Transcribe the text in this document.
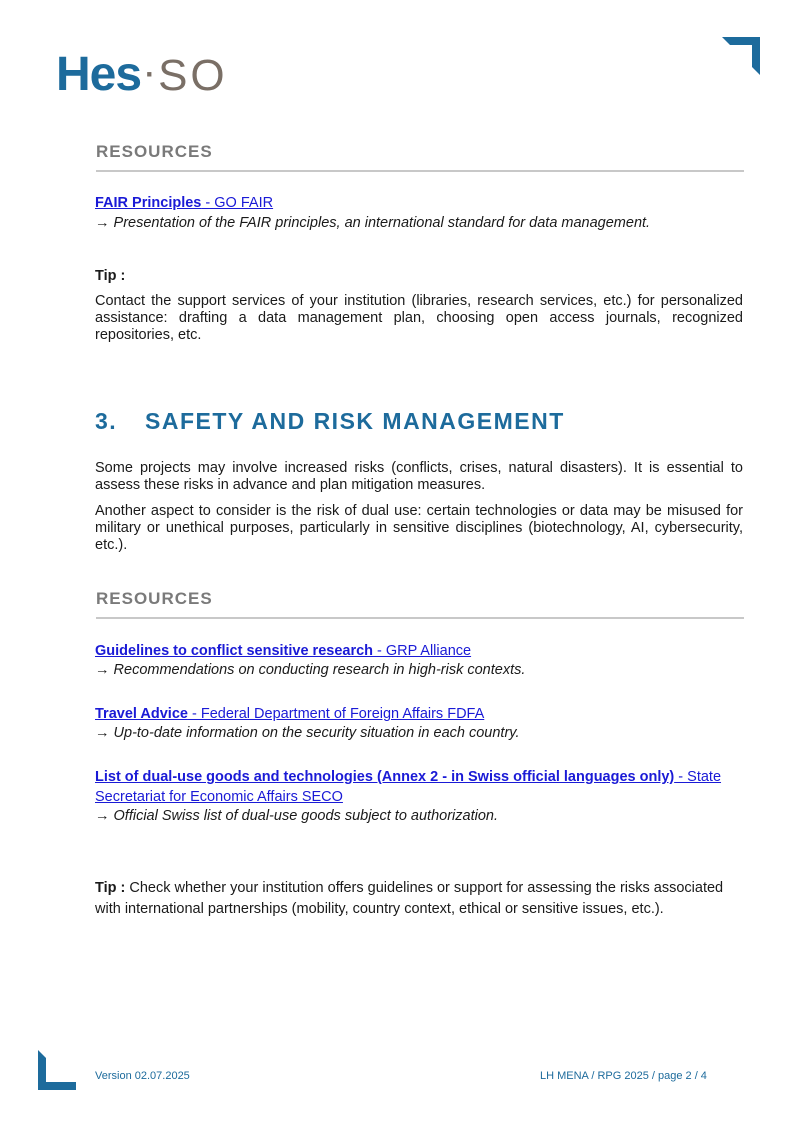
Hes ·SO
RESOURCES
FAIR Principles - GO FAIR
→ Presentation of the FAIR principles, an international standard for data management.
Tip :
Contact the support services of your institution (libraries, research services, etc.) for personalized assistance: drafting a data management plan, choosing open access journals, recognized repositories, etc.
3. SAFETY AND RISK MANAGEMENT
Some projects may involve increased risks (conflicts, crises, natural disasters). It is essential to assess these risks in advance and plan mitigation measures.
Another aspect to consider is the risk of dual use: certain technologies or data may be misused for military or unethical purposes, particularly in sensitive disciplines (biotechnology, AI, cybersecurity, etc.).
RESOURCES
Guidelines to conflict sensitive research - GRP Alliance
→ Recommendations on conducting research in high-risk contexts.
Travel Advice - Federal Department of Foreign Affairs FDFA
→ Up-to-date information on the security situation in each country.
List of dual-use goods and technologies (Annex 2 - in Swiss official languages only) - State Secretariat for Economic Affairs SECO
→ Official Swiss list of dual-use goods subject to authorization.
Tip : Check whether your institution offers guidelines or support for assessing the risks associated with international partnerships (mobility, country context, ethical or sensitive issues, etc.).
Version 02.07.2025	LH MENA / RPG 2025 / page 2 / 4
